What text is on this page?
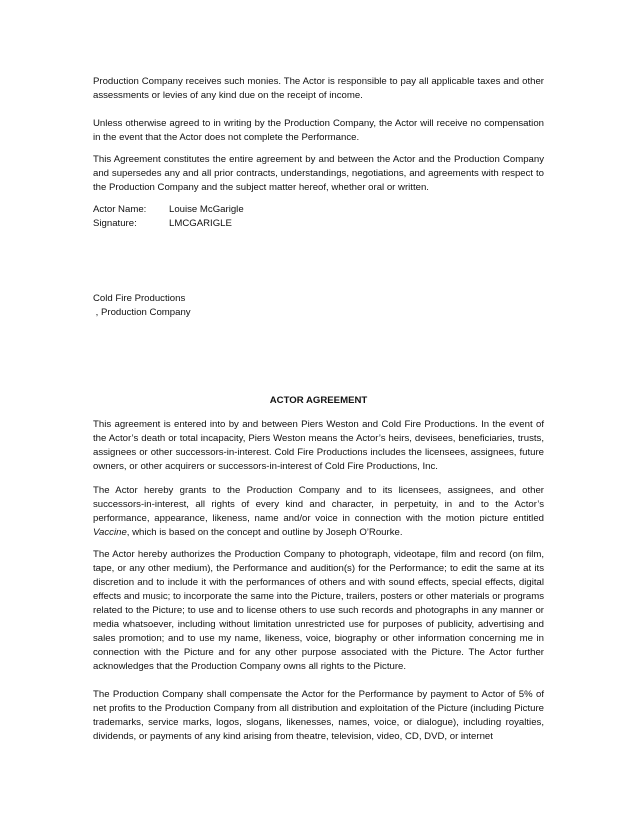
Production Company receives such monies. The Actor is responsible to pay all applicable taxes and other assessments or levies of any kind due on the receipt of income.

Unless otherwise agreed to in writing by the Production Company, the Actor will receive no compensation in the event that the Actor does not complete the Performance.

This Agreement constitutes the entire agreement by and between the Actor and the Production Company and supersedes any and all prior contracts, understandings, negotiations, and agreements with respect to the Production Company and the subject matter hereof, whether oral or written.

Actor Name:	Louise McGarigle
Signature:	LMCGARIGLE
Cold Fire Productions
, Production Company
ACTOR AGREEMENT

This agreement is entered into by and between Piers Weston and Cold Fire Productions. In the event of the Actor’s death or total incapacity, Piers Weston means the Actor’s heirs, devisees, beneficiaries, trusts, assignees or other successors-in-interest. Cold Fire Productions includes the licensees, assignees, future owners, or other acquirers or successors-in-interest of Cold Fire Productions, Inc.

The Actor hereby grants to the Production Company and to its licensees, assignees, and other successors-in-interest, all rights of every kind and character, in perpetuity, in and to the Actor’s performance, appearance, likeness, name and/or voice in connection with the motion picture entitled Vaccine, which is based on the concept and outline by Joseph O’Rourke.

The Actor hereby authorizes the Production Company to photograph, videotape, film and record (on film, tape, or any other medium), the Performance and audition(s) for the Performance; to edit the same at its discretion and to include it with the performances of others and with sound effects, special effects, digital effects and music; to incorporate the same into the Picture, trailers, posters or other materials or programs related to the Picture; to use and to license others to use such records and photographs in any manner or media whatsoever, including without limitation unrestricted use for purposes of publicity, advertising and sales promotion; and to use my name, likeness, voice, biography or other information concerning me in connection with the Picture and for any other purpose associated with the Picture. The Actor further acknowledges that the Production Company owns all rights to the Picture.

The Production Company shall compensate the Actor for the Performance by payment to Actor of 5% of net profits to the Production Company from all distribution and exploitation of the Picture (including Picture trademarks, service marks, logos, slogans, likenesses, names, voice, or dialogue), including royalties, dividends, or payments of any kind arising from theatre, television, video, CD, DVD, or internet
